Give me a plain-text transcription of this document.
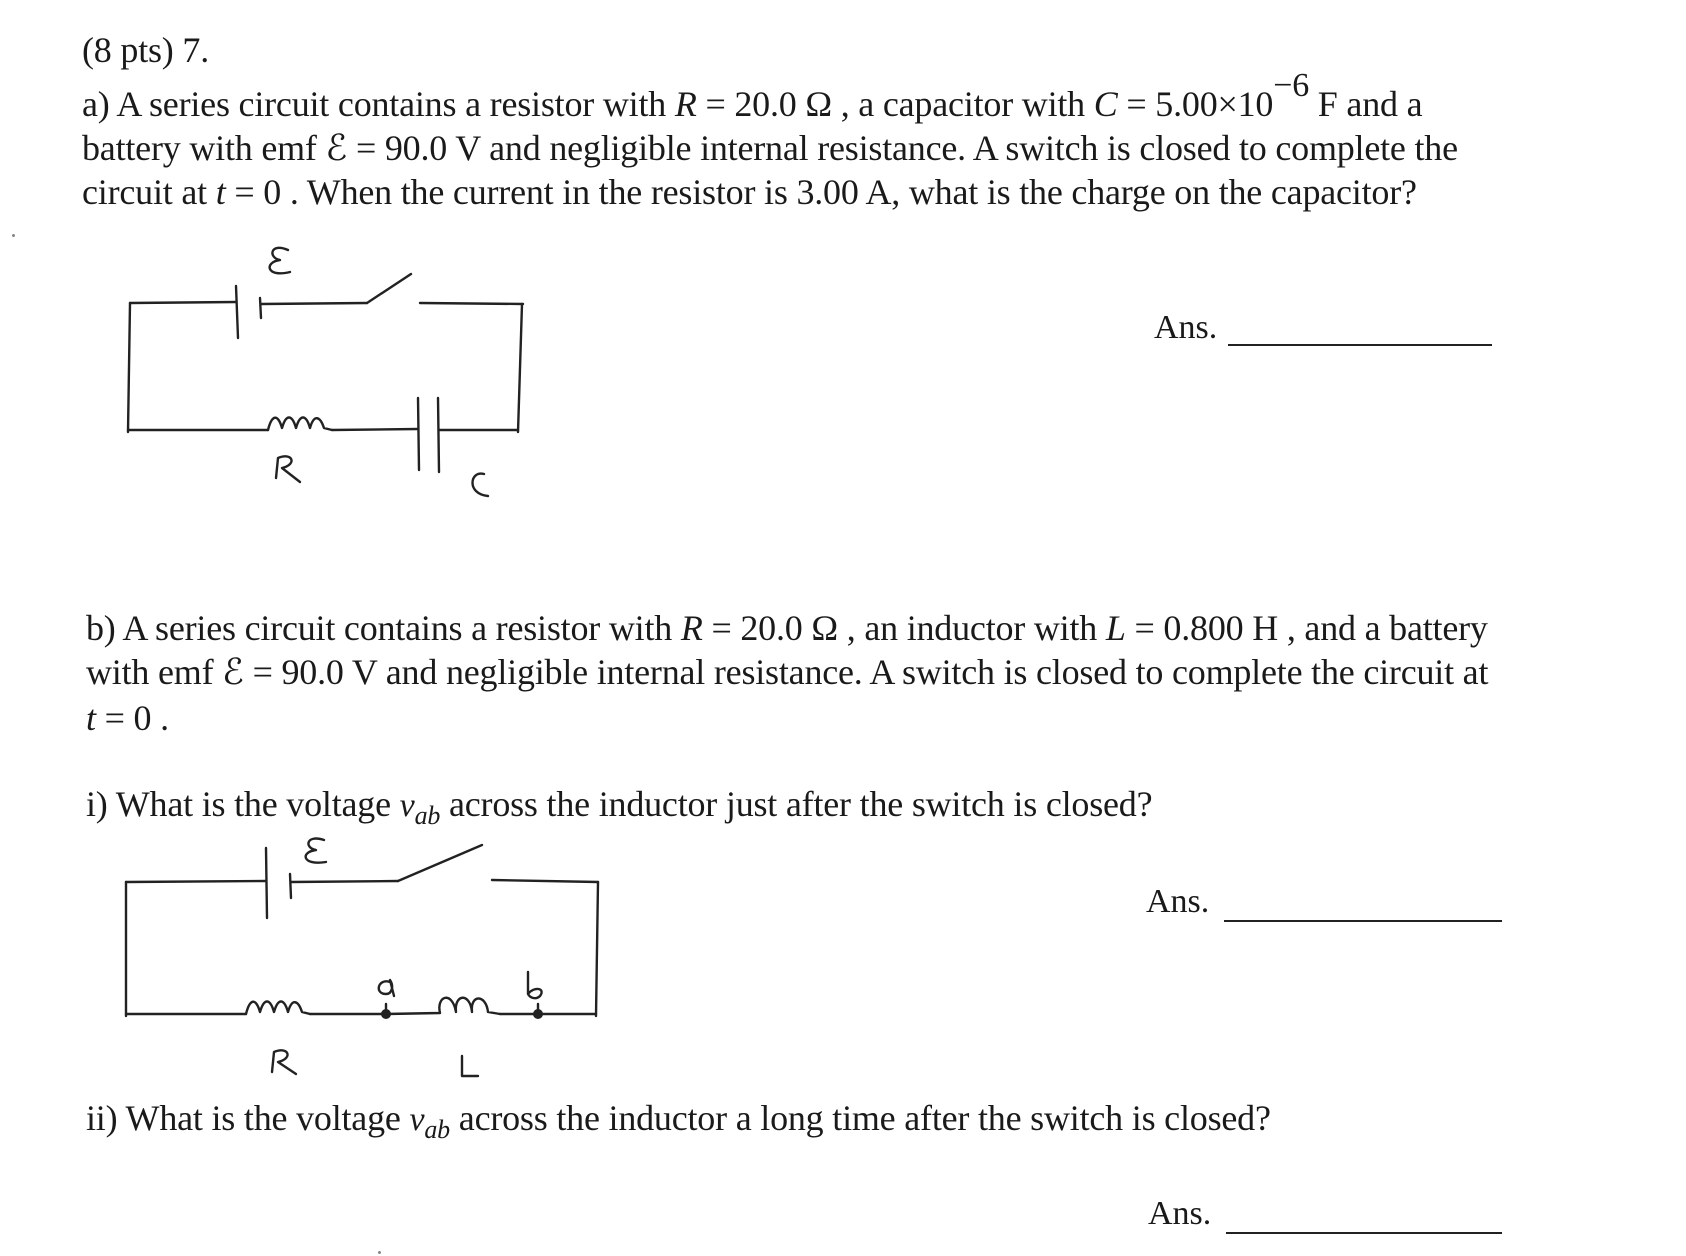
(8 pts) 7.
a) A series circuit contains a resistor with R = 20.0 Ω , a capacitor with C = 5.00×10−6 F and a
battery with emf ℰ = 90.0 V and negligible internal resistance. A switch is closed to complete the
circuit at t = 0 . When the current in the resistor is 3.00 A, what is the charge on the capacitor?
Ans.
b) A series circuit contains a resistor with R = 20.0 Ω , an inductor with L = 0.800 H , and a battery
with emf ℰ = 90.0 V and negligible internal resistance. A switch is closed to complete the circuit at
t = 0 .
i) What is the voltage $v_{ab}$ across the inductor just after the switch is closed?
Ans.
ii) What is the voltage $v_{ab}$ across the inductor a long time after the switch is closed?
Ans.
